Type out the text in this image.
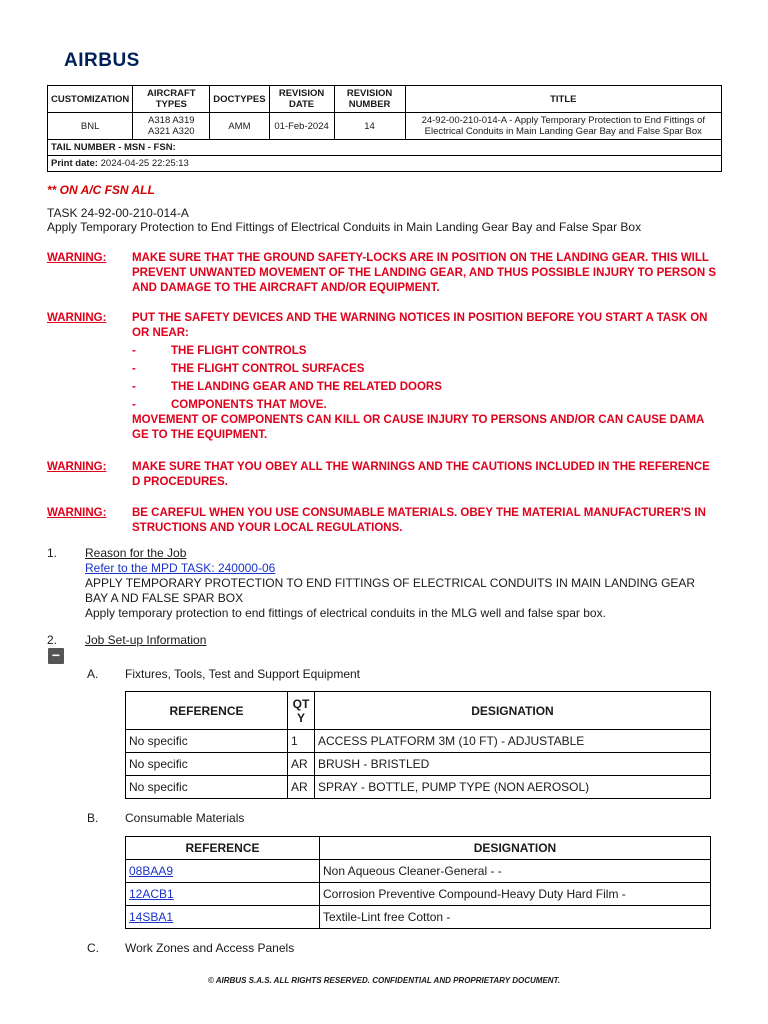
AIRBUS
CUSTOMIZATION	AIRCRAFT TYPES	DOCTYPES	REVISION DATE	REVISION NUMBER	TITLE
BNL	A318 A319 A321 A320	AMM	01-Feb-2024	14	24-92-00-210-014-A - Apply Temporary Protection to End Fittings of Electrical Conduits in Main Landing Gear Bay and False Spar Box
TAIL NUMBER - MSN - FSN:					
Print date: 2024-04-25 22:25:13					
** ON A/C FSN ALL
TASK 24-92-00-210-014-A
Apply Temporary Protection to End Fittings of Electrical Conduits in Main Landing Gear Bay and False Spar Box
WARNING: MAKE SURE THAT THE GROUND SAFETY-LOCKS ARE IN POSITION ON THE LANDING GEAR. THIS WILL PREVENT UNWANTED MOVEMENT OF THE LANDING GEAR, AND THUS POSSIBLE INJURY TO PERSON S AND DAMAGE TO THE AIRCRAFT AND/OR EQUIPMENT.
WARNING: PUT THE SAFETY DEVICES AND THE WARNING NOTICES IN POSITION BEFORE YOU START A TASK ON OR NEAR:
-	THE FLIGHT CONTROLS
-	THE FLIGHT CONTROL SURFACES
-	THE LANDING GEAR AND THE RELATED DOORS
-	COMPONENTS THAT MOVE.
MOVEMENT OF COMPONENTS CAN KILL OR CAUSE INJURY TO PERSONS AND/OR CAN CAUSE DAMA GE TO THE EQUIPMENT.
WARNING: MAKE SURE THAT YOU OBEY ALL THE WARNINGS AND THE CAUTIONS INCLUDED IN THE REFERENCE D PROCEDURES.
WARNING: BE CAREFUL WHEN YOU USE CONSUMABLE MATERIALS. OBEY THE MATERIAL MANUFACTURER'S IN STRUCTIONS AND YOUR LOCAL REGULATIONS.
1. Reason for the Job
Refer to the MPD TASK: 240000-06
APPLY TEMPORARY PROTECTION TO END FITTINGS OF ELECTRICAL CONDUITS IN MAIN LANDING GEAR BAY A ND FALSE SPAR BOX
Apply temporary protection to end fittings of electrical conduits in the MLG well and false spar box.
2. Job Set-up Information
−
A. Fixtures, Tools, Test and Support Equipment
REFERENCE	QT Y	DESIGNATION
No specific	1	ACCESS PLATFORM 3M (10 FT) - ADJUSTABLE
No specific	AR	BRUSH - BRISTLED
No specific	AR	SPRAY - BOTTLE, PUMP TYPE (NON AEROSOL)
B. Consumable Materials
REFERENCE	DESIGNATION
08BAA9	Non Aqueous Cleaner-General - -
12ACB1	Corrosion Preventive Compound-Heavy Duty Hard Film -
14SBA1	Textile-Lint free Cotton -
C. Work Zones and Access Panels
© AIRBUS S.A.S. ALL RIGHTS RESERVED. CONFIDENTIAL AND PROPRIETARY DOCUMENT.
